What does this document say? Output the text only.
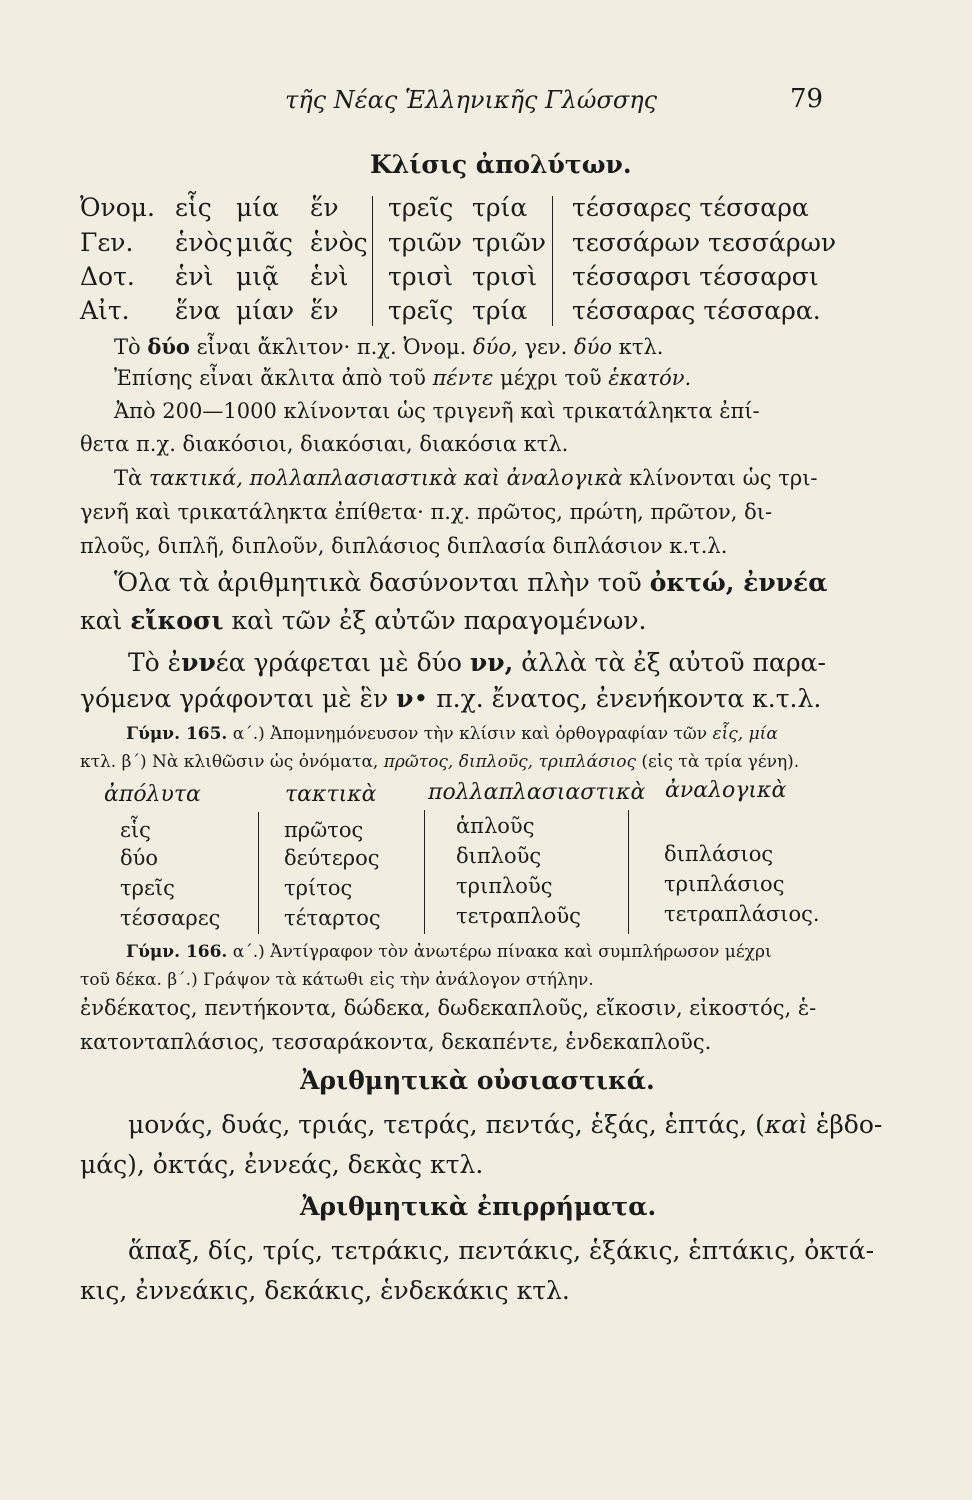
τῆς Νέας Ἑλληνικῆς Γλώσσης	79
Κλίσις ἀπολύτων.
Ὀνομ. εἷς μία ἕν τρεῖς τρία τέσσαρες τέσσαρα
Γεν. ἑνὸς μιᾶς ἑνὸς τριῶν τριῶν τεσσάρων τεσσάρων
Δοτ. ἑνὶ μιᾷ ἑνὶ τρισὶ τρισὶ τέσσαρσι τέσσαρσι
Αἰτ. ἕνα μίαν ἕν τρεῖς τρία τέσσαρας τέσσαρα.
Τὸ δύο εἶναι ἄκλιτον· π.χ. Ὀνομ. δύο, γεν. δύο κτλ.
Ἐπίσης εἶναι ἄκλιτα ἀπὸ τοῦ πέντε μέχρι τοῦ ἑκατόν.
Ἀπὸ 200—1000 κλίνονται ὡς τριγενῆ καὶ τρικατάληκτα ἐπί-
θετα π.χ. διακόσιοι, διακόσιαι, διακόσια κτλ.
Τὰ τακτικά, πολλαπλασιαστικὰ καὶ ἀναλογικὰ κλίνονται ὡς τρι-
γενῆ καὶ τρικατάληκτα ἐπίθετα· π.χ. πρῶτος, πρώτη, πρῶτον, δι-
πλοῦς, διπλῆ, διπλοῦν, διπλάσιος διπλασία διπλάσιον κ.τ.λ.
Ὅλα τὰ ἀριθμητικὰ δασύνονται πλὴν τοῦ ὀκτώ, ἐννέα
καὶ εἴκοσι καὶ τῶν ἐξ αὐτῶν παραγομένων.
Τὸ ἐννέα γράφεται μὲ δύο νν, ἀλλὰ τὰ ἐξ αὐτοῦ παρα-
γόμενα γράφονται μὲ ἓν ν• π.χ. ἔνατος, ἐνενήκοντα κ.τ.λ.
Γύμν. 165. α΄.) Ἀπομνημόνευσον τὴν κλίσιν καὶ ὀρθογραφίαν τῶν εἷς, μία
κτλ. β΄) Νὰ κλιθῶσιν ὡς ὀνόματα, πρῶτος, διπλοῦς, τριπλάσιος (εἰς τὰ τρία γένη).
ἀπόλυτα	τακτικὰ πολλαπλασιαστικὰ ἀναλογικὰ
εἷς
δύο
τρεῖς
τέσσαρες
πρῶτος
δεύτερος
τρίτος
τέταρτος
ἁπλοῦς
διπλοῦς
τριπλοῦς
τετραπλοῦς
διπλάσιος
τριπλάσιος
τετραπλάσιος.
Γύμν. 166. α΄.) Ἀντίγραφον τὸν ἀνωτέρω πίνακα καὶ συμπλήρωσον μέχρι
τοῦ δέκα. β΄.) Γράψον τὰ κάτωθι εἰς τὴν ἀνάλογον στήλην.
ἐνδέκατος, πεντήκοντα, δώδεκα, δωδεκαπλοῦς, εἴκοσιν, εἰκοστός, ἑ-
κατονταπλάσιος, τεσσαράκοντα, δεκαπέντε, ἑνδεκαπλοῦς.
Ἀριθμητικὰ οὐσιαστικά.
μονάς, δυάς, τριάς, τετράς, πεντάς, ἑξάς, ἑπτάς, (καὶ ἑβδο-
μάς), ὀκτάς, ἐννεάς, δεκὰς κτλ.
Ἀριθμητικὰ ἐπιρρήματα.
ἅπαξ, δίς, τρίς, τετράκις, πεντάκις, ἑξάκις, ἑπτάκις, ὀκτά-
κις, ἐννεάκις, δεκάκις, ἑνδεκάκις κτλ.
